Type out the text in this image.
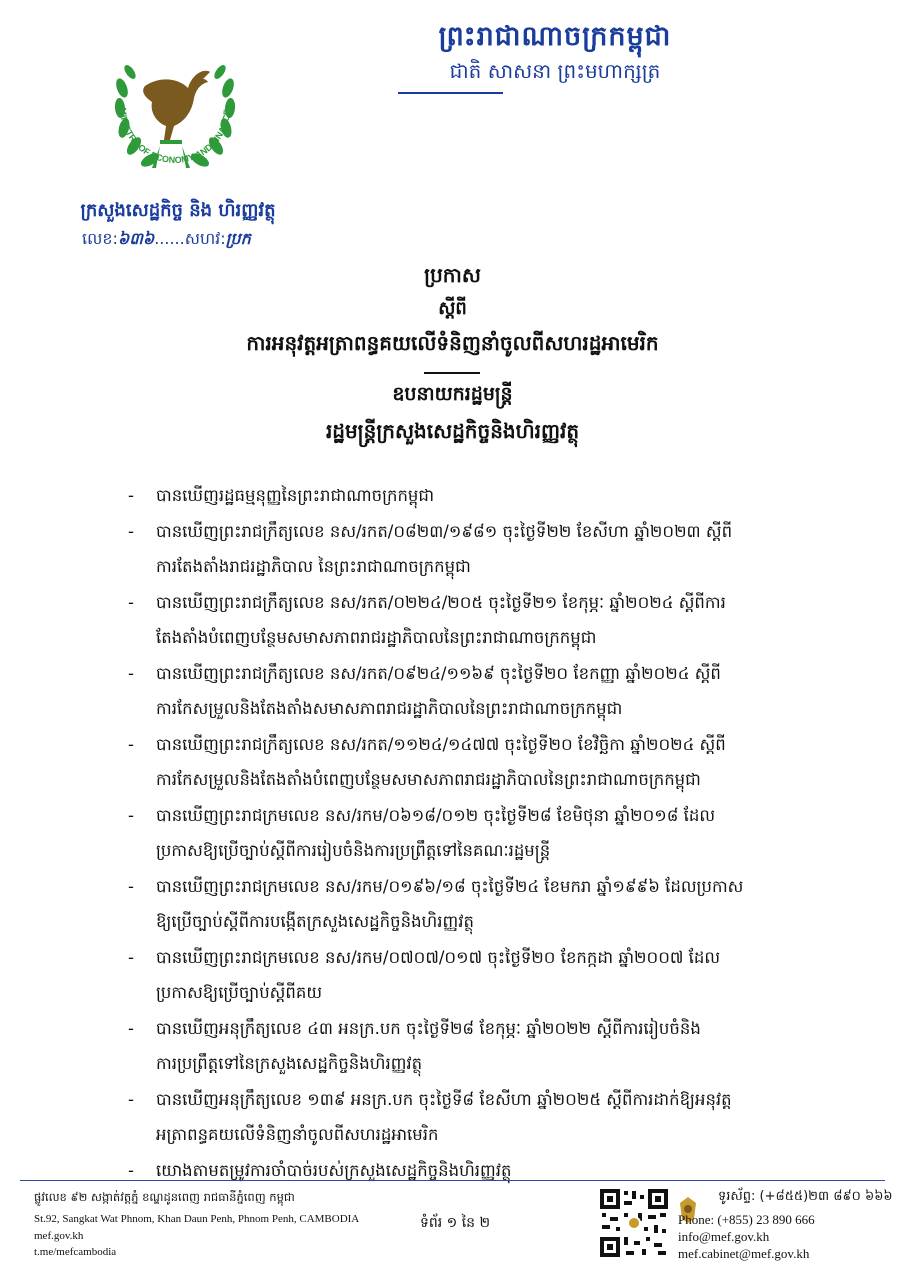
MINISTRY OF ECONOMY AND FINANCE
ក្រសួងសេដ្ឋកិច្ច និង ហិរញ្ញវត្ថុ
លេខ:៦៣៦......សហវ:ប្រក
ព្រះរាជាណាចក្រកម្ពុជា
ជាតិ សាសនា ព្រះមហាក្សត្រ
ប្រកាស
ស្តីពី
ការអនុវត្តអត្រាពន្ធគយលើទំនិញនាំចូលពីសហរដ្ឋអាមេរិក
ឧបនាយករដ្ឋមន្ត្រី
រដ្ឋមន្ត្រីក្រសួងសេដ្ឋកិច្ចនិងហិរញ្ញវត្ថុ
- បានឃើញរដ្ឋធម្មនុញ្ញនៃព្រះរាជាណាចក្រកម្ពុជា
- បានឃើញព្រះរាជក្រឹត្យលេខ នស/រកត/០៨២៣/១៩៨១ ចុះថ្ងៃទី២២ ខែសីហា ឆ្នាំ២០២៣ ស្តីពី
ការតែងតាំងរាជរដ្ឋាភិបាល នៃព្រះរាជាណាចក្រកម្ពុជា
- បានឃើញព្រះរាជក្រឹត្យលេខ នស/រកត/០២២៤/២០៥ ចុះថ្ងៃទី២១ ខែកុម្ភៈ ឆ្នាំ២០២៤ ស្តីពីការ
តែងតាំងបំពេញបន្ថែមសមាសភាពរាជរដ្ឋាភិបាលនៃព្រះរាជាណាចក្រកម្ពុជា
- បានឃើញព្រះរាជក្រឹត្យលេខ នស/រកត/០៩២៤/១១៦៩ ចុះថ្ងៃទី២០ ខែកញ្ញា ឆ្នាំ២០២៤ ស្តីពី
ការកែសម្រួលនិងតែងតាំងសមាសភាពរាជរដ្ឋាភិបាលនៃព្រះរាជាណាចក្រកម្ពុជា
- បានឃើញព្រះរាជក្រឹត្យលេខ នស/រកត/១១២៤/១៤៧៧ ចុះថ្ងៃទី២០ ខែវិច្ឆិកា ឆ្នាំ២០២៤ ស្តីពី
ការកែសម្រួលនិងតែងតាំងបំពេញបន្ថែមសមាសភាពរាជរដ្ឋាភិបាលនៃព្រះរាជាណាចក្រកម្ពុជា
- បានឃើញព្រះរាជក្រមលេខ នស/រកម/០៦១៨/០១២ ចុះថ្ងៃទី២៨ ខែមិថុនា ឆ្នាំ២០១៨ ដែល
ប្រកាសឱ្យប្រើច្បាប់ស្តីពីការរៀបចំនិងការប្រព្រឹត្តទៅនៃគណៈរដ្ឋមន្ត្រី
- បានឃើញព្រះរាជក្រមលេខ នស/រកម/០១៩៦/១៨ ចុះថ្ងៃទី២៤ ខែមករា ឆ្នាំ១៩៩៦ ដែលប្រកាស
ឱ្យប្រើច្បាប់ស្តីពីការបង្កើតក្រសួងសេដ្ឋកិច្ចនិងហិរញ្ញវត្ថុ
- បានឃើញព្រះរាជក្រមលេខ នស/រកម/០៧០៧/០១៧ ចុះថ្ងៃទី២០ ខែកក្កដា ឆ្នាំ២០០៧ ដែល
ប្រកាសឱ្យប្រើច្បាប់ស្តីពីគយ
- បានឃើញអនុក្រឹត្យលេខ ៤៣ អនក្រ.បក ចុះថ្ងៃទី២៨ ខែកុម្ភៈ ឆ្នាំ២០២២ ស្តីពីការរៀបចំនិង
ការប្រព្រឹត្តទៅនៃក្រសួងសេដ្ឋកិច្ចនិងហិរញ្ញវត្ថុ
- បានឃើញអនុក្រឹត្យលេខ ១៣៩ អនក្រ.បក ចុះថ្ងៃទី៨ ខែសីហា ឆ្នាំ២០២៥ ស្តីពីការដាក់ឱ្យអនុវត្ត
អត្រាពន្ធគយលើទំនិញនាំចូលពីសហរដ្ឋអាមេរិក
- យោងតាមតម្រូវការចាំបាច់របស់ក្រសួងសេដ្ឋកិច្ចនិងហិរញ្ញវត្ថុ
ផ្លូវលេខ ៩២ សង្កាត់វត្តភ្នំ ខណ្ឌដូនពេញ រាជធានីភ្នំពេញ កម្ពុជា
St.92, Sangkat Wat Phnom, Khan Daun Penh, Phnom Penh, CAMBODIA
mef.gov.kh
t.me/mefcambodia
ទំព័រ ១ នៃ ២
ទូរស័ព្ទ: (+៨៥៥)២៣ ៨៩០ ៦៦៦
Phone: (+855) 23 890 666
info@mef.gov.kh
mef.cabinet@mef.gov.kh
